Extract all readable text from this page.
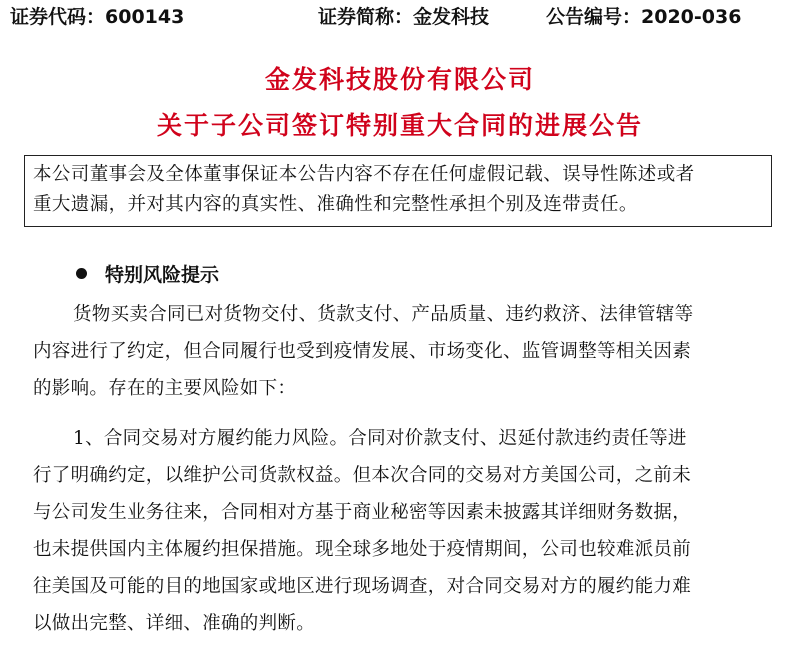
证券代码：600143	证券简称：金发科技	公告编号：2020-036
金发科技股份有限公司
关于子公司签订特别重大合同的进展公告
本公司董事会及全体董事保证本公告内容不存在任何虚假记载、误导性陈述或者
重大遗漏，并对其内容的真实性、准确性和完整性承担个别及连带责任。
特别风险提示
货物买卖合同已对货物交付、货款支付、产品质量、违约救济、法律管辖等
内容进行了约定，但合同履行也受到疫情发展、市场变化、监管调整等相关因素
的影响。存在的主要风险如下：
1、合同交易对方履约能力风险。合同对价款支付、迟延付款违约责任等进
行了明确约定，以维护公司货款权益。但本次合同的交易对方美国公司，之前未
与公司发生业务往来，合同相对方基于商业秘密等因素未披露其详细财务数据，
也未提供国内主体履约担保措施。现全球多地处于疫情期间，公司也较难派员前
往美国及可能的目的地国家或地区进行现场调查，对合同交易对方的履约能力难
以做出完整、详细、准确的判断。
